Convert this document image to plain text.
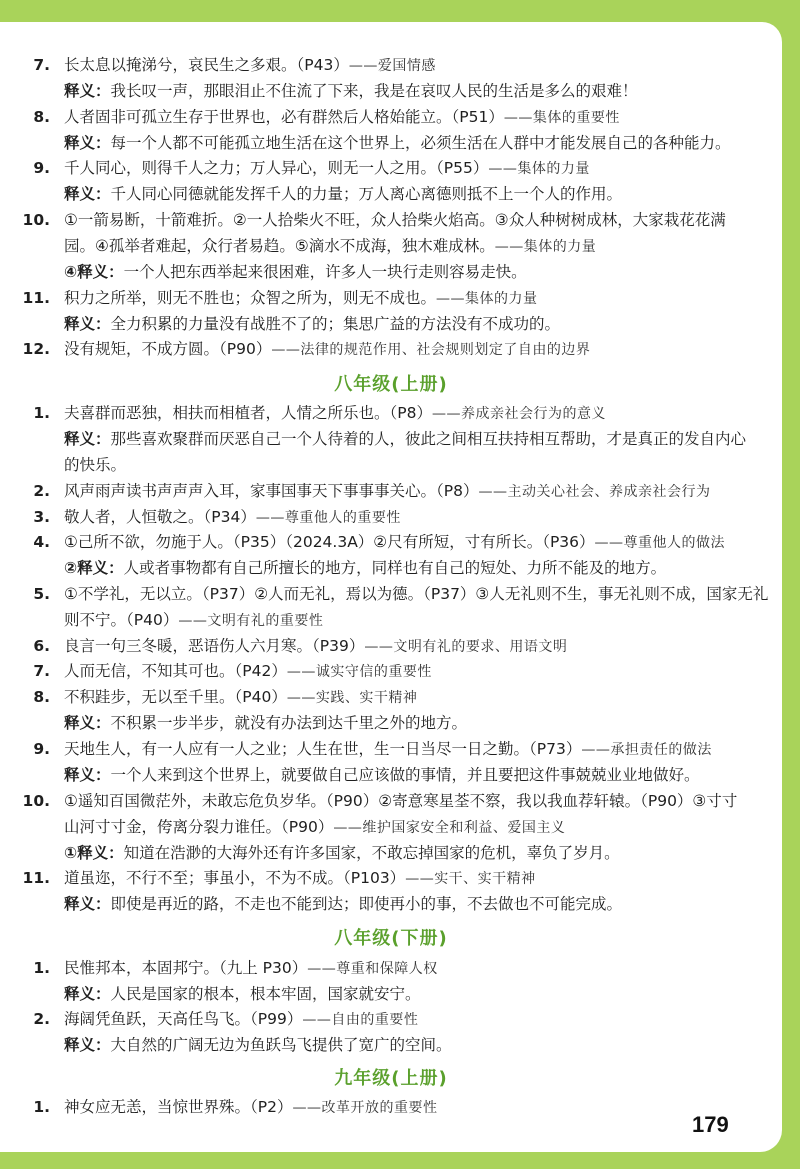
7. 长太息以掩涕兮，哀民生之多艰。（P43）——爱国情感
释义：我长叹一声，那眼泪止不住流了下来，我是在哀叹人民的生活是多么的艰难！
8. 人者固非可孤立生存于世界也，必有群然后人格始能立。（P51）——集体的重要性
释义：每一个人都不可能孤立地生活在这个世界上，必须生活在人群中才能发展自己的各种能力。
9. 千人同心，则得千人之力；万人异心，则无一人之用。（P55）——集体的力量
释义：千人同心同德就能发挥千人的力量；万人离心离德则抵不上一个人的作用。
10. ①一箭易断，十箭难折。②一人拾柴火不旺，众人拾柴火焰高。③众人种树树成林，大家栽花花满
园。④孤举者难起，众行者易趋。⑤滴水不成海，独木难成林。——集体的力量
④释义：一个人把东西举起来很困难，许多人一块行走则容易走快。
11. 积力之所举，则无不胜也；众智之所为，则无不成也。——集体的力量
释义：全力积累的力量没有战胜不了的；集思广益的方法没有不成功的。
12. 没有规矩，不成方圆。（P90）——法律的规范作用、社会规则划定了自由的边界
八年级(上册)
1. 夫喜群而恶独，相扶而相植者，人情之所乐也。（P8）——养成亲社会行为的意义
释义：那些喜欢聚群而厌恶自己一个人待着的人，彼此之间相互扶持相互帮助，才是真正的发自内心
的快乐。
2. 风声雨声读书声声声入耳，家事国事天下事事事关心。（P8）——主动关心社会、养成亲社会行为
3. 敬人者，人恒敬之。（P34）——尊重他人的重要性
4. ①己所不欲，勿施于人。（P35）（2024.3A）②尺有所短，寸有所长。（P36）——尊重他人的做法
②释义：人或者事物都有自己所擅长的地方，同样也有自己的短处、力所不能及的地方。
5. ①不学礼，无以立。（P37）②人而无礼，焉以为德。（P37）③人无礼则不生，事无礼则不成，国家无礼
则不宁。（P40）——文明有礼的重要性
6. 良言一句三冬暖，恶语伤人六月寒。（P39）——文明有礼的要求、用语文明
7. 人而无信，不知其可也。（P42）——诚实守信的重要性
8. 不积跬步，无以至千里。（P40）——实践、实干精神
释义：不积累一步半步，就没有办法到达千里之外的地方。
9. 天地生人，有一人应有一人之业；人生在世，生一日当尽一日之勤。（P73）——承担责任的做法
释义：一个人来到这个世界上，就要做自己应该做的事情，并且要把这件事兢兢业业地做好。
10. ①遥知百国微茫外，未敢忘危负岁华。（P90）②寄意寒星荃不察，我以我血荐轩辕。（P90）③寸寸
山河寸寸金，侉离分裂力谁任。（P90）——维护国家安全和利益、爱国主义
①释义：知道在浩渺的大海外还有许多国家，不敢忘掉国家的危机，辜负了岁月。
11. 道虽迩，不行不至；事虽小，不为不成。（P103）——实干、实干精神
释义：即使是再近的路，不走也不能到达；即使再小的事，不去做也不可能完成。
八年级(下册)
1. 民惟邦本，本固邦宁。（九上 P30）——尊重和保障人权
释义：人民是国家的根本，根本牢固，国家就安宁。
2. 海阔凭鱼跃，天高任鸟飞。（P99）——自由的重要性
释义：大自然的广阔无边为鱼跃鸟飞提供了宽广的空间。
九年级(上册)
1. 神女应无恙，当惊世界殊。（P2）——改革开放的重要性
179
